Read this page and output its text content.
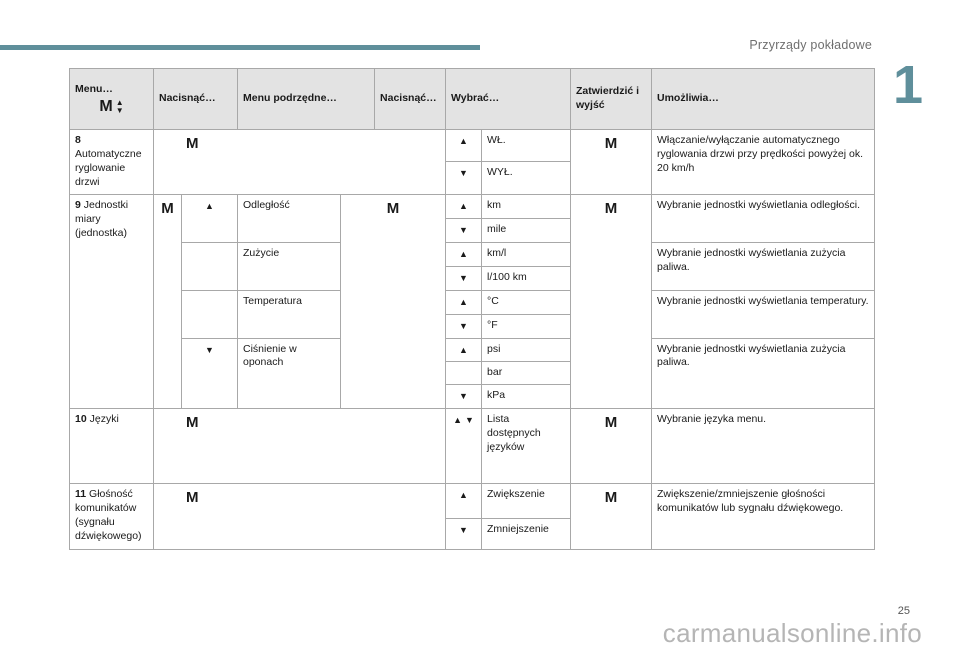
Przyrządy pokładowe
1
Menu…
M ▲
▼	Nacisnąć…		Menu podrzędne…		Nacisnąć…	Wybrać…		Zatwierdzić i wyjść	Umożliwia…
8 Automatyczne ryglowanie drzwi	M					▲	WŁ.	M	Włączanie/wyłączanie automatycznego ryglowania drzwi przy prędkości powyżej ok. 20 km/h
						▼	WYŁ.		
9 Jednostki miary (jednostka)	M	▲	Odległość	M		▲	km	M	Wybranie jednostki wyświetlania odległości.
						▼	mile		
			Zużycie			▲	km/l		Wybranie jednostki wyświetlania zużycia paliwa.
						▼	l/100 km		
			Temperatura			▲	°C		Wybranie jednostki wyświetlania temperatury.
						▼	°F		
		▼	Ciśnienie w oponach			▲	psi		Wybranie jednostki wyświetlania zużycia paliwa.
							bar		
						▼	kPa		
10 Języki	M					▲ ▼	Lista dostępnych języków	M	Wybranie języka menu.
11 Głośność komunikatów (sygnału dźwiękowego)	M					▲	Zwiększenie	M	Zwiększenie/zmniejszenie głośności komunikatów lub sygnału dźwiękowego.
						▼	Zmniejszenie		
25
carmanualsonline.info
